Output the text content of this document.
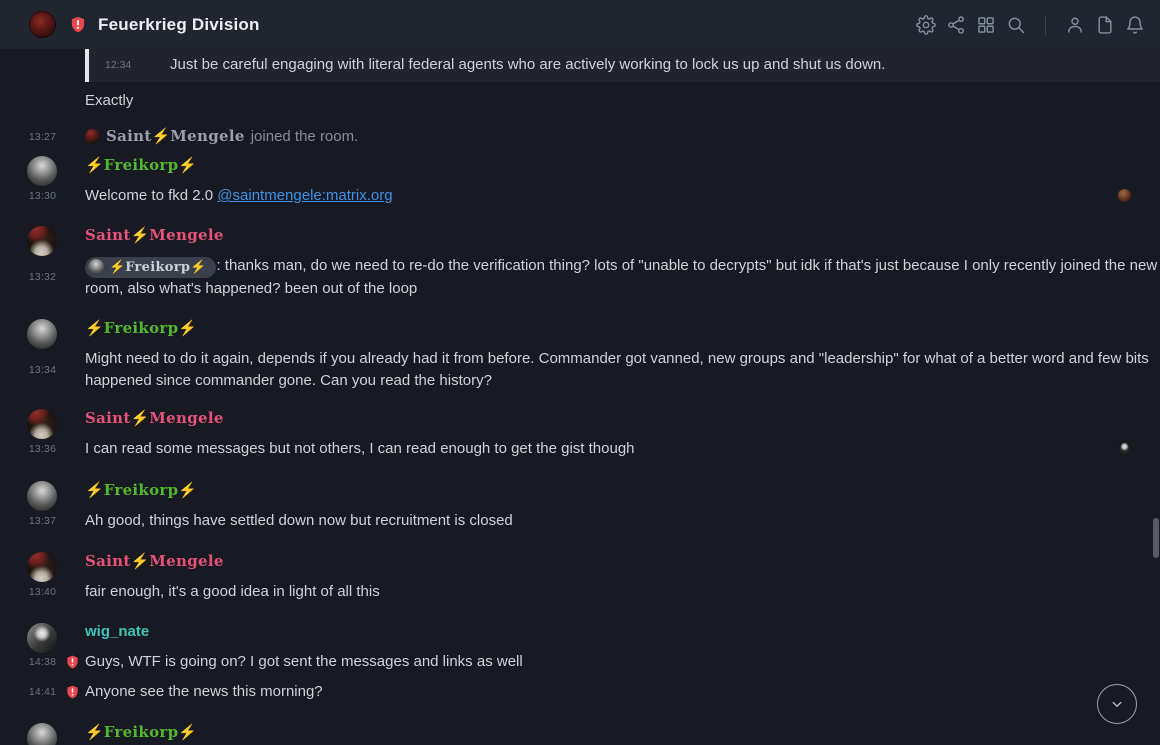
Feuerkrieg Division
12:34	Just be careful engaging with literal federal agents who are actively working to lock us up and shut us down.
Exactly
13:27	Saint⚡Mengele joined the room.
⚡Freikorp⚡
13:30	Welcome to fkd 2.0 @saintmengele:matrix.org
Saint⚡Mengele
13:32
⚡Freikorp⚡ : thanks man, do we need to re-do the verification thing? lots of "unable to decrypts" but idk if that's just because I only recently joined the new room, also what's happened? been out of the loop
⚡Freikorp⚡
13:34
Might need to do it again, depends if you already had it from before. Commander got vanned, new groups and "leadership" for what of a better word and few bits happened since commander gone. Can you read the history?
Saint⚡Mengele
13:36	I can read some messages but not others, I can read enough to get the gist though
⚡Freikorp⚡
13:37	Ah good, things have settled down now but recruitment is closed
Saint⚡Mengele
13:40	fair enough, it's a good idea in light of all this
wig_nate
14:38	Guys, WTF is going on? I got sent the messages and links as well
14:41	Anyone see the news this morning?
⚡Freikorp⚡
